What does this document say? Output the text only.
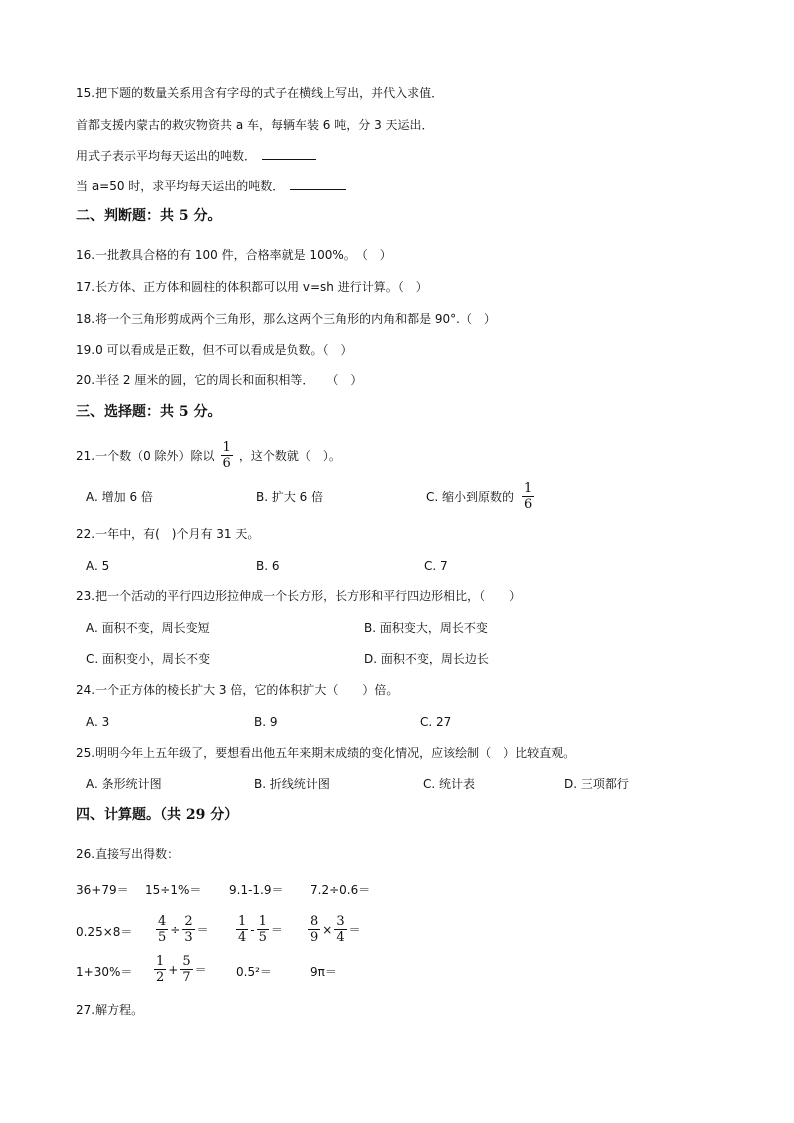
15.把下题的数量关系用含有字母的式子在横线上写出，并代入求值．
首都支援内蒙古的救灾物资共 a 车，每辆车装 6 吨，分 3 天运出．
用式子表示平均每天运出的吨数．
当 a=50 时，求平均每天运出的吨数．
二、判断题：共 5 分。
16.一批教具合格的有 100 件，合格率就是 100%。　（　）
17.长方体、正方体和圆柱的体积都可以用 v=sh 进行计算。（　）
18.将一个三角形剪成两个三角形，那么这两个三角形的内角和都是 90°.（　）
19.0 可以看成是正数，但不可以看成是负数。（　）
20.半径 2 厘米的圆，它的周长和面积相等．　　（　）
三、选择题：共 5 分。
21.一个数（0 除外）除以 $\frac{1}{6}$ ，这个数就（　）。
A. 增加 6 倍	B. 扩大 6 倍	C. 缩小到原数的 $\frac{1}{6}$
22.一年中，有(　)个月有 31 天。
A. 5	B. 6	C. 7
23.把一个活动的平行四边形拉伸成一个长方形，长方形和平行四边形相比，（　　）
A. 面积不变，周长变短	B. 面积变大，周长不变
C. 面积变小，周长不变	D. 面积不变，周长边长
24.一个正方体的棱长扩大 3 倍，它的体积扩大（　　）倍。
A. 3	B. 9	C. 27
25.明明今年上五年级了，要想看出他五年来期末成绩的变化情况，应该绘制（　）比较直观。
A. 条形统计图	B. 折线统计图	C. 统计表	D. 三项都行
四、计算题。（共 29 分）
26.直接写出得数：
36+79＝ 15÷1%＝ 9.1-1.9＝ 7.2÷0.6＝
$0.25\times 8= \frac{4}{5} \div \frac{2}{3} = \frac{1}{4} - \frac{1}{5} = \frac{8}{9} \times \frac{3}{4}$ ＝
$1+30\%= \frac{1}{2} + \frac{5}{7} = 0.5^2=$	9π＝
27.解方程。
